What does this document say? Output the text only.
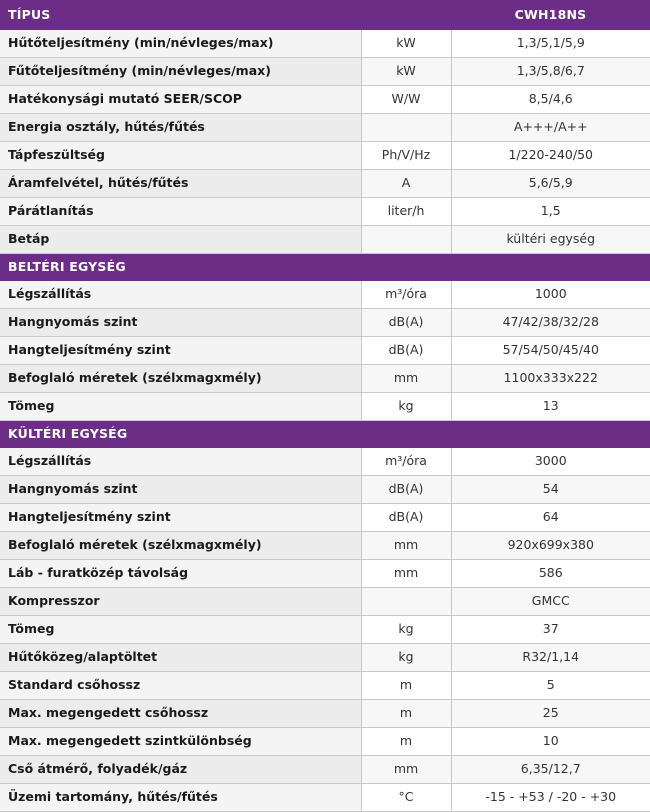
TÍPUS		CWH18NS
Hűtőteljesítmény (min/névleges/max)	kW	1,3/5,1/5,9
Fűtőteljesítmény (min/névleges/max)	kW	1,3/5,8/6,7
Hatékonysági mutató SEER/SCOP	W/W	8,5/4,6
Energia osztály, hűtés/fűtés		A+++/A++
Tápfeszültség	Ph/V/Hz	1/220-240/50
Áramfelvétel, hűtés/fűtés	A	5,6/5,9
Párátlanítás	liter/h	1,5
Betáp		kültéri egység
BELTÉRI EGYSÉG		
Légszállítás	m³/óra	1000
Hangnyomás szint	dB(A)	47/42/38/32/28
Hangteljesítmény szint	dB(A)	57/54/50/45/40
Befoglaló méretek (szélxmagxmély)	mm	1100x333x222
Tömeg	kg	13
KÜLTÉRI EGYSÉG		
Légszállítás	m³/óra	3000
Hangnyomás szint	dB(A)	54
Hangteljesítmény szint	dB(A)	64
Befoglaló méretek (szélxmagxmély)	mm	920x699x380
Láb - furatközép távolság	mm	586
Kompresszor		GMCC
Tömeg	kg	37
Hűtőközeg/alaptöltet	kg	R32/1,14
Standard csőhossz	m	5
Max. megengedett csőhossz	m	25
Max. megengedett szintkülönbség	m	10
Cső átmérő, folyadék/gáz	mm	6,35/12,7
Üzemi tartomány, hűtés/fűtés	°C	-15 - +53 / -20 - +30
